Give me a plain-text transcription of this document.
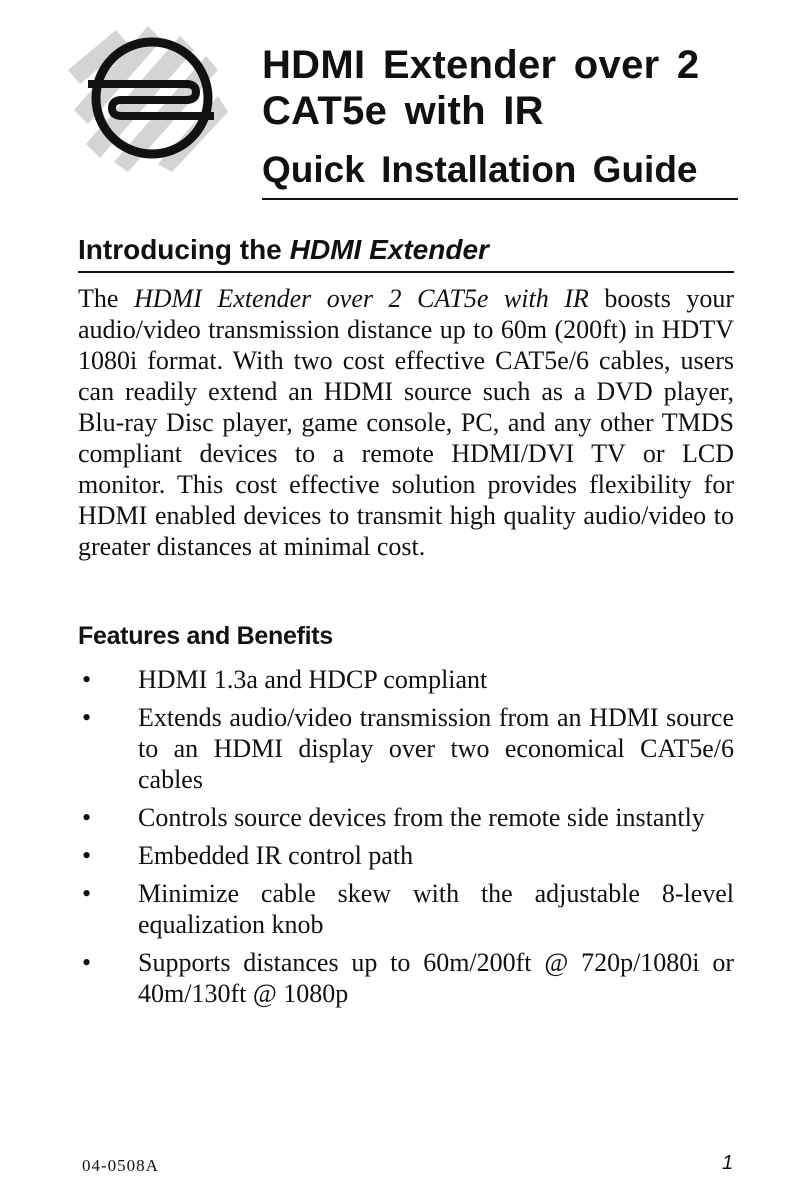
HDMI Extender over 2 CAT5e with IR
Quick Installation Guide
Introducing the HDMI Extender

The HDMI Extender over 2 CAT5e with IR boosts your audio/video transmission distance up to 60m (200ft) in HDTV 1080i format. With two cost effective CAT5e/6 cables, users can readily extend an HDMI source such as a DVD player, Blu-ray Disc player, game console, PC, and any other TMDS compliant devices to a remote HDMI/DVI TV or LCD monitor. This cost effective solution provides flexibility for HDMI enabled devices to transmit high quality audio/video to greater distances at minimal cost.

Features and Benefits
• HDMI 1.3a and HDCP compliant
• Extends audio/video transmission from an HDMI source to an HDMI display over two economical CAT5e/6 cables
• Controls source devices from the remote side instantly
• Embedded IR control path
• Minimize cable skew with the adjustable 8-level equalization knob
• Supports distances up to 60m/200ft @ 720p/1080i or 40m/130ft @ 1080p
04-0508A	1
